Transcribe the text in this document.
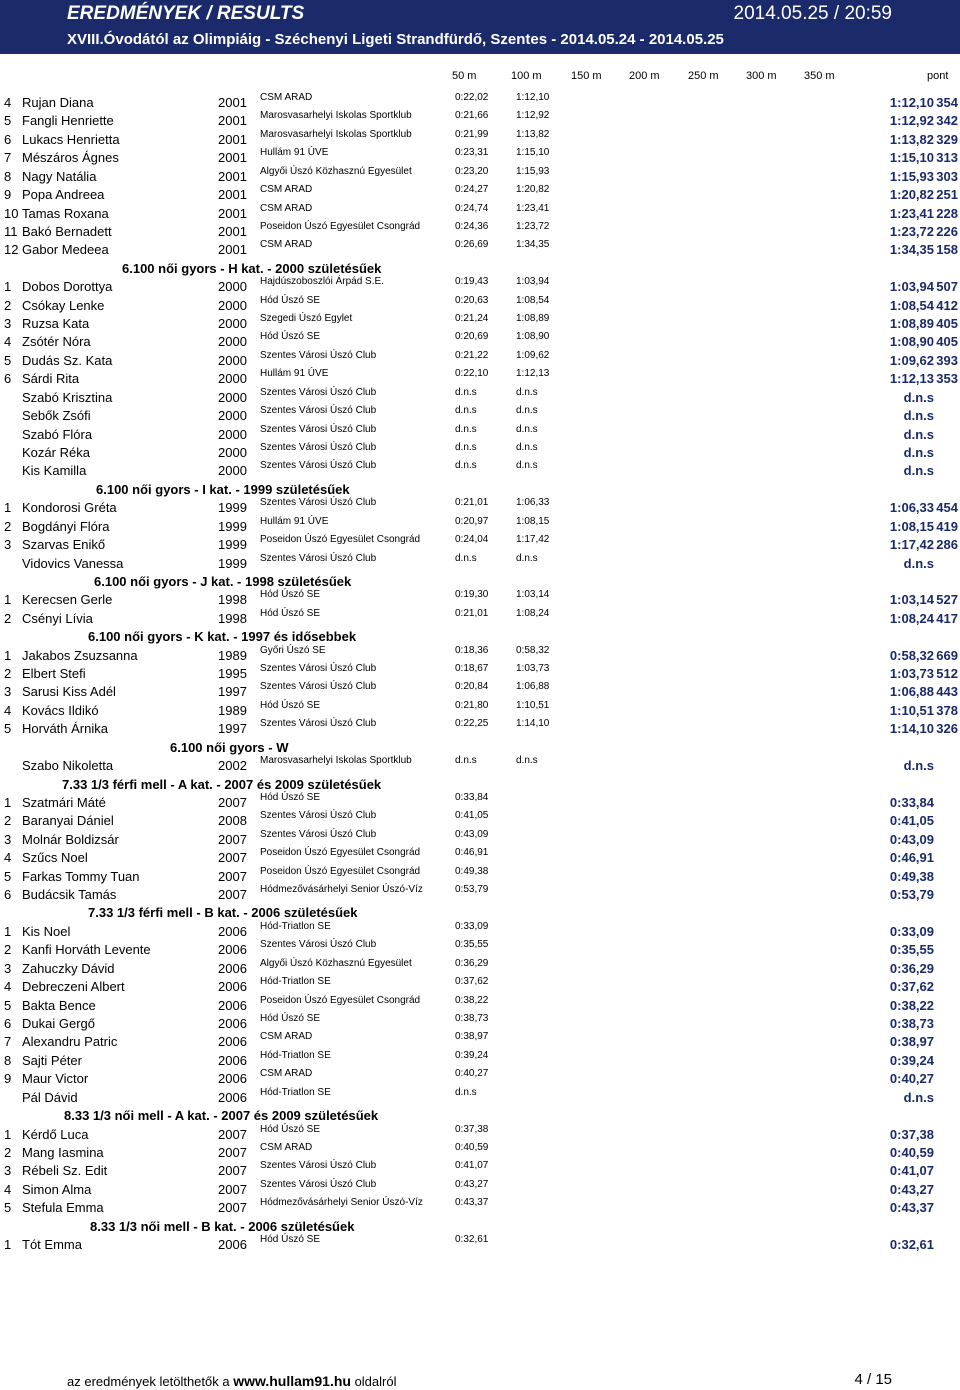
EREDMÉNYEK / RESULTS	2014.05.25 / 20:59
XVIII.Óvodától az Olimpiáig - Széchenyi Ligeti Strandfürdő, Szentes - 2014.05.24 - 2014.05.25
50 m	100 m	150 m 200 m	250 m 300 m 350 m	pont
4 Rujan Diana	2001 CSM ARAD	0:22,02	1:12,10	1:12,10 354
5 Fangli Henriette	2001 Marosvasarhelyi Iskolas Sportklub	0:21,66	1:12,92	1:12,92 342
6 Lukacs Henrietta	2001 Marosvasarhelyi Iskolas Sportklub	0:21,99	1:13,82	1:13,82 329
7 Mészáros Ágnes	2001 Hullám 91 ÚVE	0:23,31	1:15,10	1:15,10 313
8 Nagy Natália	2001 Algyői Úszó Közhasznú Egyesület	0:23,20	1:15,93	1:15,93 303
9 Popa Andreea	2001 CSM ARAD	0:24,27	1:20,82	1:20,82 251
10 Tamas Roxana	2001 CSM ARAD	0:24,74	1:23,41	1:23,41 228
11 Bakó Bernadett	2001 Poseidon Úszó Egyesület Csongrád	0:24,36	1:23,72	1:23,72 226
12 Gabor Medeea	2001 CSM ARAD	0:26,69	1:34,35	1:34,35 158
6.100 női gyors - H kat. - 2000 születésűek
1 Dobos Dorottya	2000 Hajdúszoboszlói Árpád S.E.	0:19,43	1:03,94	1:03,94 507
2 Csókay Lenke	2000 Hód Úszó SE	0:20,63	1:08,54	1:08,54 412
3 Ruzsa Kata	2000 Szegedi Úszó Egylet	0:21,24	1:08,89	1:08,89 405
4 Zsótér Nóra	2000 Hód Úszó SE	0:20,69	1:08,90	1:08,90 405
5 Dudás Sz. Kata	2000 Szentes Városi Úszó Club	0:21,22	1:09,62	1:09,62 393
6 Sárdi Rita	2000 Hullám 91 ÚVE	0:22,10	1:12,13	1:12,13 353
Szabó Krisztina	2000 Szentes Városi Úszó Club	d.n.s	d.n.s	d.n.s
Sebők Zsófi	2000 Szentes Városi Úszó Club	d.n.s	d.n.s	d.n.s
Szabó Flóra	2000 Szentes Városi Úszó Club	d.n.s	d.n.s	d.n.s
Kozár Réka	2000 Szentes Városi Úszó Club	d.n.s	d.n.s	d.n.s
Kis Kamilla	2000 Szentes Városi Úszó Club	d.n.s	d.n.s	d.n.s
6.100 női gyors - I kat. - 1999 születésűek
1 Kondorosi Gréta	1999 Szentes Városi Úszó Club	0:21,01	1:06,33	1:06,33 454
2 Bogdányi Flóra	1999 Hullám 91 ÚVE	0:20,97	1:08,15	1:08,15 419
3 Szarvas Enikő	1999 Poseidon Úszó Egyesület Csongrád	0:24,04	1:17,42	1:17,42 286
Vidovics Vanessa	1999 Szentes Városi Úszó Club	d.n.s	d.n.s	d.n.s
6.100 női gyors - J kat. - 1998 születésűek
1 Kerecsen Gerle	1998 Hód Úszó SE	0:19,30	1:03,14	1:03,14 527
2 Csényi Lívia	1998 Hód Úszó SE	0:21,01	1:08,24	1:08,24 417
6.100 női gyors - K kat. - 1997 és idősebbek
1 Jakabos Zsuzsanna	1989 Győri Úszó SE	0:18,36	0:58,32	0:58,32 669
2 Elbert Stefi	1995 Szentes Városi Úszó Club	0:18,67	1:03,73	1:03,73 512
3 Sarusi Kiss Adél	1997 Szentes Városi Úszó Club	0:20,84	1:06,88	1:06,88 443
4 Kovács Ildikó	1989 Hód Úszó SE	0:21,80	1:10,51	1:10,51 378
5 Horváth Árnika	1997 Szentes Városi Úszó Club	0:22,25	1:14,10	1:14,10 326
6.100 női gyors - W
Szabo Nikoletta	2002 Marosvasarhelyi Iskolas Sportklub	d.n.s	d.n.s	d.n.s
7.33 1/3 férfi mell - A kat. - 2007 és 2009 születésűek
1 Szatmári Máté	2007 Hód Úszó SE	0:33,84	0:33,84
2 Baranyai Dániel	2008 Szentes Városi Úszó Club	0:41,05	0:41,05
3 Molnár Boldizsár	2007 Szentes Városi Úszó Club	0:43,09	0:43,09
4 Szűcs Noel	2007 Poseidon Úszó Egyesület Csongrád	0:46,91	0:46,91
5 Farkas Tommy Tuan	2007 Poseidon Úszó Egyesület Csongrád	0:49,38	0:49,38
6 Budácsik Tamás	2007 Hódmezővásárhelyi Senior Úszó-Víz	0:53,79	0:53,79
7.33 1/3 férfi mell - B kat. - 2006 születésűek
1 Kis Noel	2006 Hód-Triatlon SE	0:33,09	0:33,09
2 Kanfi Horváth Levente	2006 Szentes Városi Úszó Club	0:35,55	0:35,55
3 Zahuczky Dávid	2006 Algyői Úszó Közhasznú Egyesület	0:36,29	0:36,29
4 Debreczeni Albert	2006 Hód-Triatlon SE	0:37,62	0:37,62
5 Bakta Bence	2006 Poseidon Úszó Egyesület Csongrád	0:38,22	0:38,22
6 Dukai Gergő	2006 Hód Úszó SE	0:38,73	0:38,73
7 Alexandru Patric	2006 CSM ARAD	0:38,97	0:38,97
8 Sajti Péter	2006 Hód-Triatlon SE	0:39,24	0:39,24
9 Maur Victor	2006 CSM ARAD	0:40,27	0:40,27
Pál Dávid	2006 Hód-Triatlon SE	d.n.s	d.n.s
8.33 1/3 női mell - A kat. - 2007 és 2009 születésűek
1 Kérdő Luca	2007 Hód Úszó SE	0:37,38	0:37,38
2 Mang Iasmina	2007 CSM ARAD	0:40,59	0:40,59
3 Rébeli Sz. Edit	2007 Szentes Városi Úszó Club	0:41,07	0:41,07
4 Simon Alma	2007 Szentes Városi Úszó Club	0:43,27	0:43,27
5 Stefula Emma	2007 Hódmezővásárhelyi Senior Úszó-Víz	0:43,37	0:43,37
8.33 1/3 női mell - B kat. - 2006 születésűek
1 Tót Emma	2006 Hód Úszó SE	0:32,61	0:32,61
az eredmények letölthetők a www.hullam91.hu oldalról	4 / 15
